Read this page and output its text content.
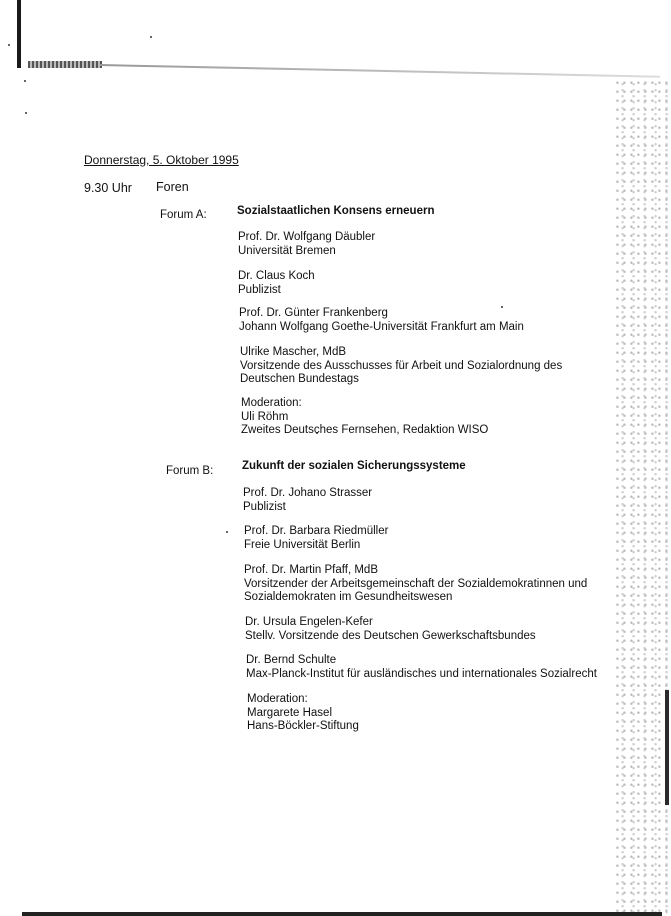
Donnerstag, 5. Oktober 1995
9.30 Uhr Foren
Forum A:	Sozialstaatlichen Konsens erneuern
Prof. Dr. Wolfgang Däubler
Universität Bremen
Dr. Claus Koch
Publizist
Prof. Dr. Günter Frankenberg
Johann Wolfgang Goethe-Universität Frankfurt am Main
Ulrike Mascher, MdB
Vorsitzende des Ausschusses für Arbeit und Sozialordnung des
Deutschen Bundestags
Moderation:
Uli Röhm
Zweites Deutsches Fernsehen, Redaktion WISO
Forum B: Zukunft der sozialen Sicherungssysteme
Prof. Dr. Johano Strasser
Publizist
Prof. Dr. Barbara Riedmüller
Freie Universität Berlin
Prof. Dr. Martin Pfaff, MdB
Vorsitzender der Arbeitsgemeinschaft der Sozialdemokratinnen und
Sozialdemokraten im Gesundheitswesen
Dr. Ursula Engelen-Kefer
Stellv. Vorsitzende des Deutschen Gewerkschaftsbundes
Dr. Bernd Schulte
Max-Planck-Institut für ausländisches und internationales Sozialrecht
Moderation:
Margarete Hasel
Hans-Böckler-Stiftung
